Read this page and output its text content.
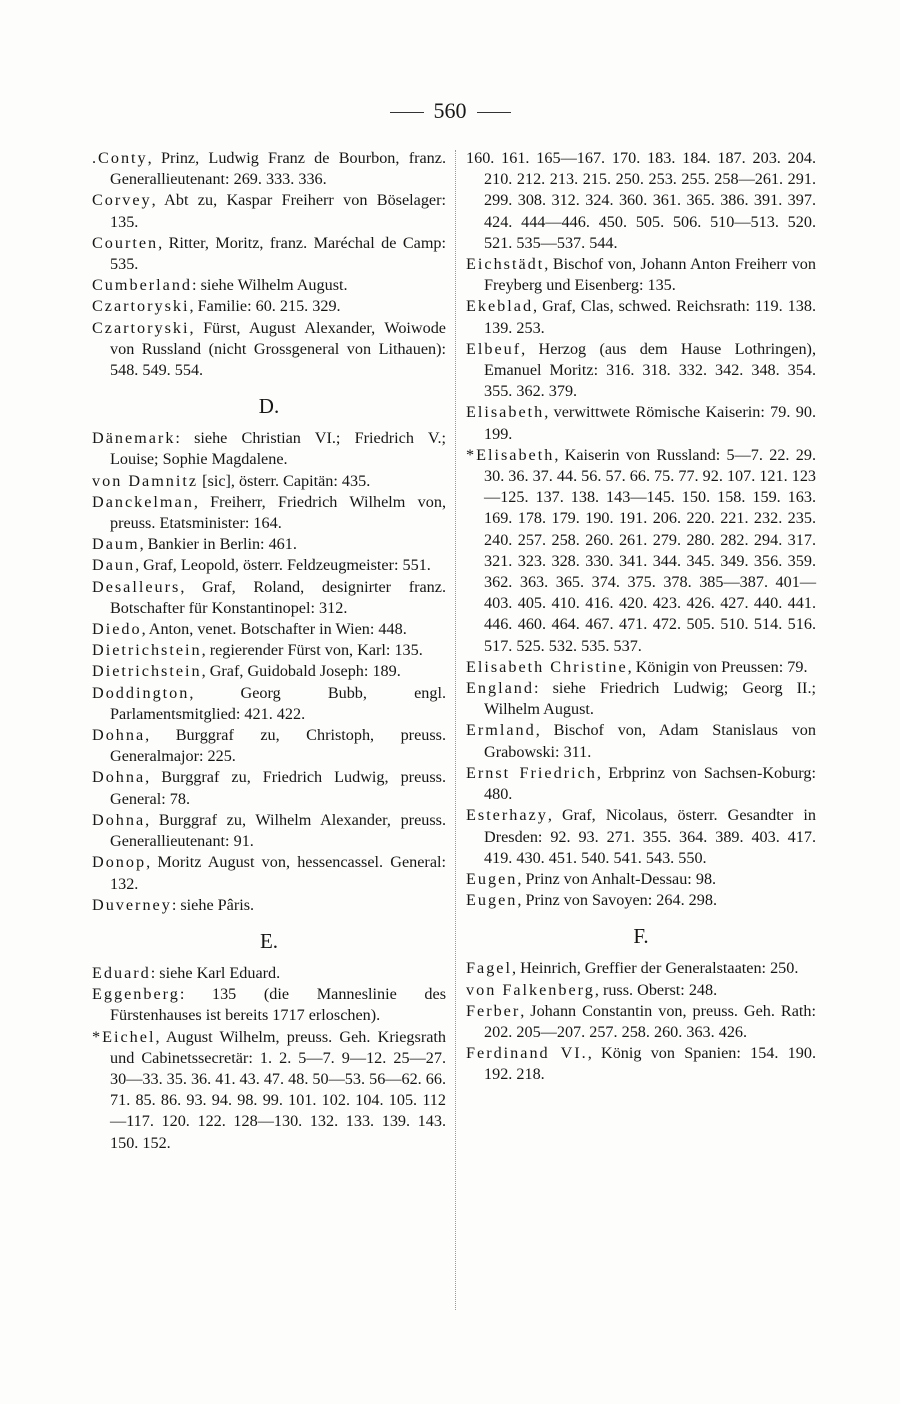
560

.Conty, Prinz, Ludwig Franz de Bourbon, franz. Generallieutenant: 269. 333. 336.

Corvey, Abt zu, Kaspar Freiherr von Böselager: 135.

Courten, Ritter, Moritz, franz. Maréchal de Camp: 535.

Cumberland: siehe Wilhelm August.

Czartoryski, Familie: 60. 215. 329.

Czartoryski, Fürst, August Alexander, Woiwode von Russland (nicht Grossgeneral von Lithauen): 548. 549. 554.

D.

Dänemark: siehe Christian VI.; Friedrich V.; Louise; Sophie Magdalene.

von Damnitz [sic], österr. Capitän: 435.

Danckelman, Freiherr, Friedrich Wilhelm von, preuss. Etatsminister: 164.

Daum, Bankier in Berlin: 461.

Daun, Graf, Leopold, österr. Feldzeugmeister: 551.

Desalleurs, Graf, Roland, designirter franz. Botschafter für Konstantinopel: 312.

Diedo, Anton, venet. Botschafter in Wien: 448.

Dietrichstein, regierender Fürst von, Karl: 135.

Dietrichstein, Graf, Guidobald Joseph: 189.

Doddington, Georg Bubb, engl. Parlamentsmitglied: 421. 422.

Dohna, Burggraf zu, Christoph, preuss. Generalmajor: 225.

Dohna, Burggraf zu, Friedrich Ludwig, preuss. General: 78.

Dohna, Burggraf zu, Wilhelm Alexander, preuss. Generallieutenant: 91.

Donop, Moritz August von, hessencassel. General: 132.

Duverney: siehe Pâris.

E.

Eduard: siehe Karl Eduard.

Eggenberg: 135 (die Manneslinie des Fürstenhauses ist bereits 1717 erloschen).

*Eichel, August Wilhelm, preuss. Geh. Kriegsrath und Cabinetssecretär: 1. 2. 5—7. 9—12. 25—27. 30—33. 35. 36. 41. 43. 47. 48. 50—53. 56—62. 66. 71. 85. 86. 93. 94. 98. 99. 101. 102. 104. 105. 112—117. 120. 122. 128—130. 132. 133. 139. 143. 150. 152.

160. 161. 165—167. 170. 183. 184. 187. 203. 204. 210. 212. 213. 215. 250. 253. 255. 258—261. 291. 299. 308. 312. 324. 360. 361. 365. 386. 391. 397. 424. 444—446. 450. 505. 506. 510—513. 520. 521. 535—537. 544.

Eichstädt, Bischof von, Johann Anton Freiherr von Freyberg und Eisenberg: 135.

Ekeblad, Graf, Clas, schwed. Reichsrath: 119. 138. 139. 253.

Elbeuf, Herzog (aus dem Hause Lothringen), Emanuel Moritz: 316. 318. 332. 342. 348. 354. 355. 362. 379.

Elisabeth, verwittwete Römische Kaiserin: 79. 90. 199.

*Elisabeth, Kaiserin von Russland: 5—7. 22. 29. 30. 36. 37. 44. 56. 57. 66. 75. 77. 92. 107. 121. 123—125. 137. 138. 143—145. 150. 158. 159. 163. 169. 178. 179. 190. 191. 206. 220. 221. 232. 235. 240. 257. 258. 260. 261. 279. 280. 282. 294. 317. 321. 323. 328. 330. 341. 344. 345. 349. 356. 359. 362. 363. 365. 374. 375. 378. 385—387. 401—403. 405. 410. 416. 420. 423. 426. 427. 440. 441. 446. 460. 464. 467. 471. 472. 505. 510. 514. 516. 517. 525. 532. 535. 537.

Elisabeth Christine, Königin von Preussen: 79.

England: siehe Friedrich Ludwig; Georg II.; Wilhelm August.

Ermland, Bischof von, Adam Stanislaus von Grabowski: 311.

Ernst Friedrich, Erbprinz von Sachsen-Koburg: 480.

Esterhazy, Graf, Nicolaus, österr. Gesandter in Dresden: 92. 93. 271. 355. 364. 389. 403. 417. 419. 430. 451. 540. 541. 543. 550.

Eugen, Prinz von Anhalt-Dessau: 98.

Eugen, Prinz von Savoyen: 264. 298.

F.

Fagel, Heinrich, Greffier der Generalstaaten: 250.

von Falkenberg, russ. Oberst: 248.

Ferber, Johann Constantin von, preuss. Geh. Rath: 202. 205—207. 257. 258. 260. 363. 426.

Ferdinand VI., König von Spanien: 154. 190. 192. 218.
